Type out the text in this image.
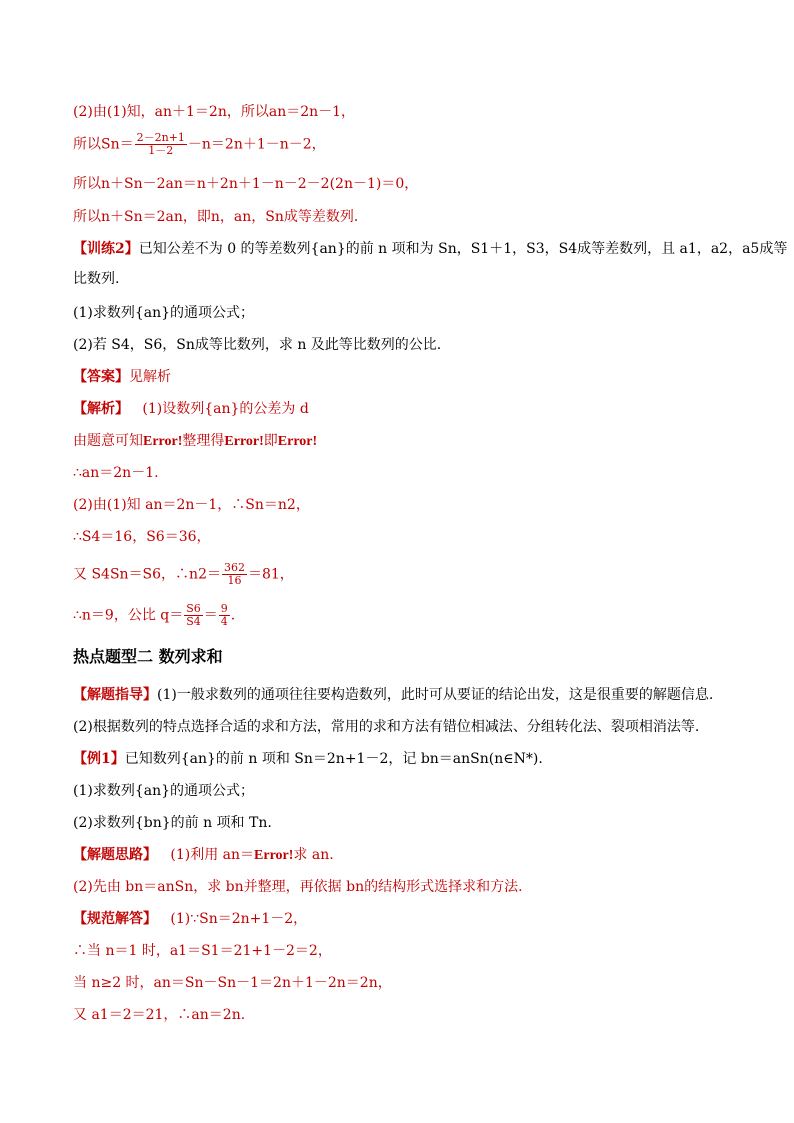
(2)由(1)知，an＋1＝2n，所以an＝2n－1，
所以$Sn= \frac{2-2n+1}{1-2} -n=2n+1-n-2$，
所以n＋Sn－2an＝n＋2n＋1－n－2－2(2n－1)＝0，
所以n＋Sn＝2an，即n，an，Sn成等差数列．
【训练2】已知公差不为 0 的等差数列{an}的前 n 项和为 Sn，S1＋1，S3，S4成等差数列，且 a1，a2，a5成等
比数列.
(1)求数列{an}的通项公式；
(2)若 S4，S6，Sn成等比数列，求 n 及此等比数列的公比.
【答案】见解析
【解析】 (1)设数列{an}的公差为 d
由题意可知Error!整理得Error!即Error!
∴an＝2n－1.
(2)由(1)知 an＝2n－1，∴Sn＝n2，
∴S4＝16，S6＝36，
又 S4Sn＝S6，∴n2＝ $\frac{362}{16} =81$，
∴n＝9，公比 $q= \frac{S6}{S4} = \frac{9}{4}$ .
热点题型二 数列求和
【解题指导】(1)一般求数列的通项往往要构造数列，此时可从要证的结论出发，这是很重要的解题信息.
(2)根据数列的特点选择合适的求和方法，常用的求和方法有错位相减法、分组转化法、裂项相消法等.
【例1】已知数列{an}的前 n 项和 Sn＝2n+1－2，记 bn＝anSn(n∈N*).
(1)求数列{an}的通项公式；
(2)求数列{bn}的前 n 项和 Tn.
【解题思路】 (1)利用 an＝Error!求 an.
(2)先由 bn＝anSn，求 bn并整理，再依据 bn的结构形式选择求和方法.
【规范解答】 (1)∵Sn＝2n+1－2，
∴当 n＝1 时，a1＝S1＝21+1－2＝2，
当 n≥2 时，an＝Sn－Sn－1＝2n＋1－2n＝2n，
又 a1＝2＝21，∴an＝2n.
